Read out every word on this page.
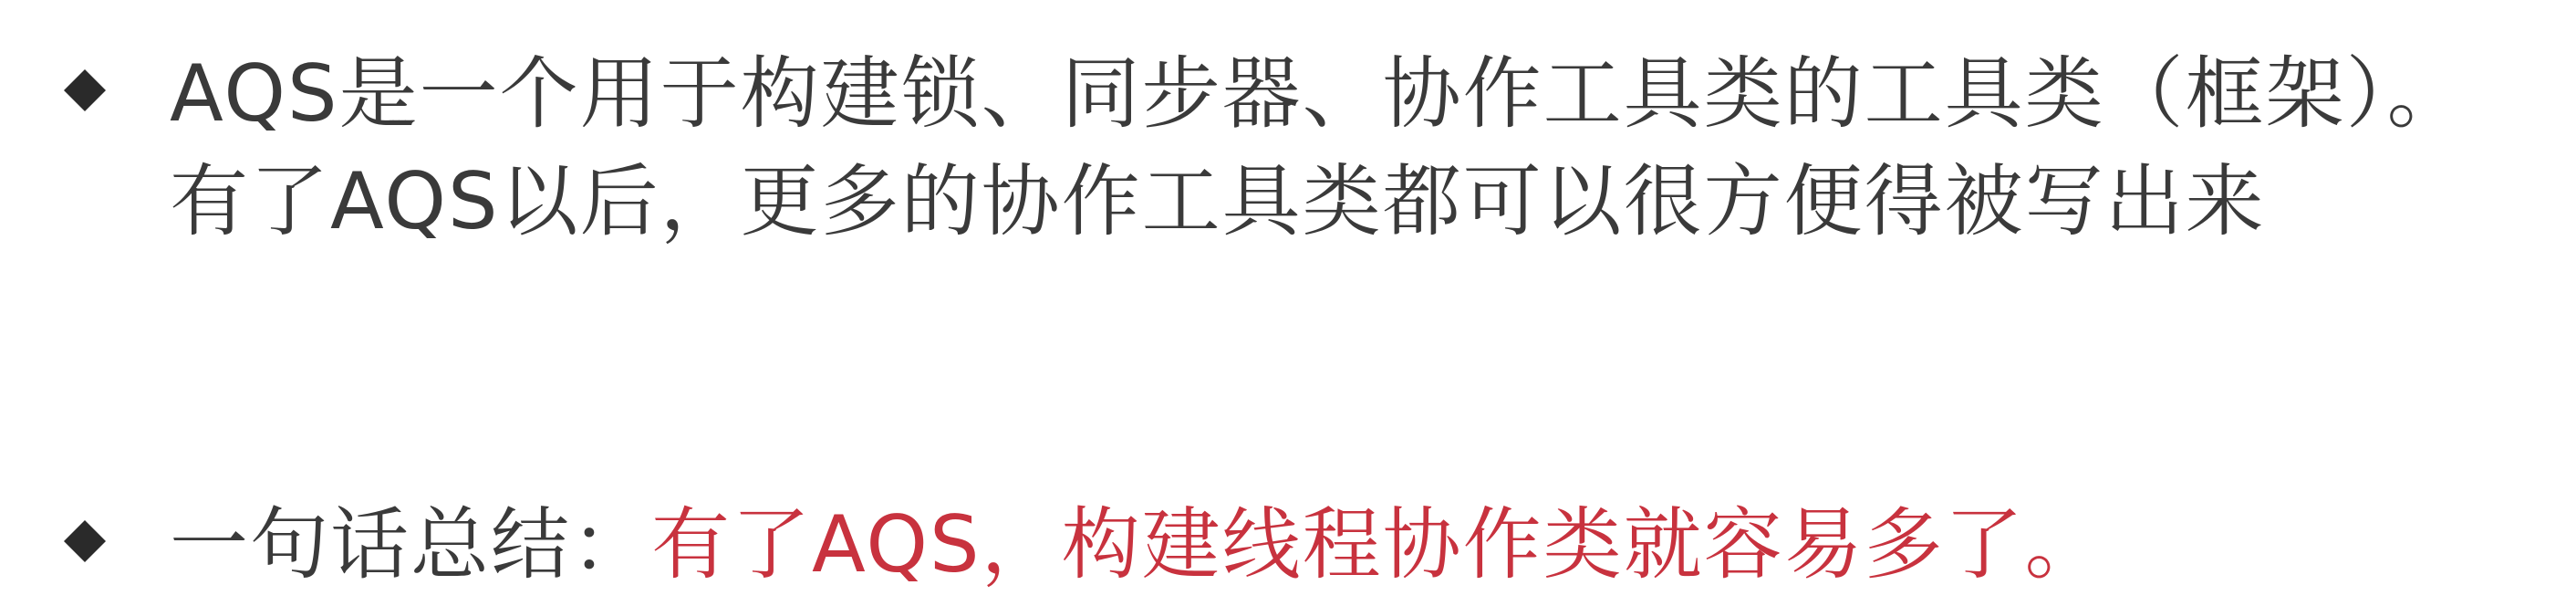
AQS是一个用于构建锁、同步器、协作工具类的工具类（框架）。有了AQS以后，更多的协作工具类都可以很方便得被写出来
一句话总结：有了AQS，构建线程协作类就容易多了。
